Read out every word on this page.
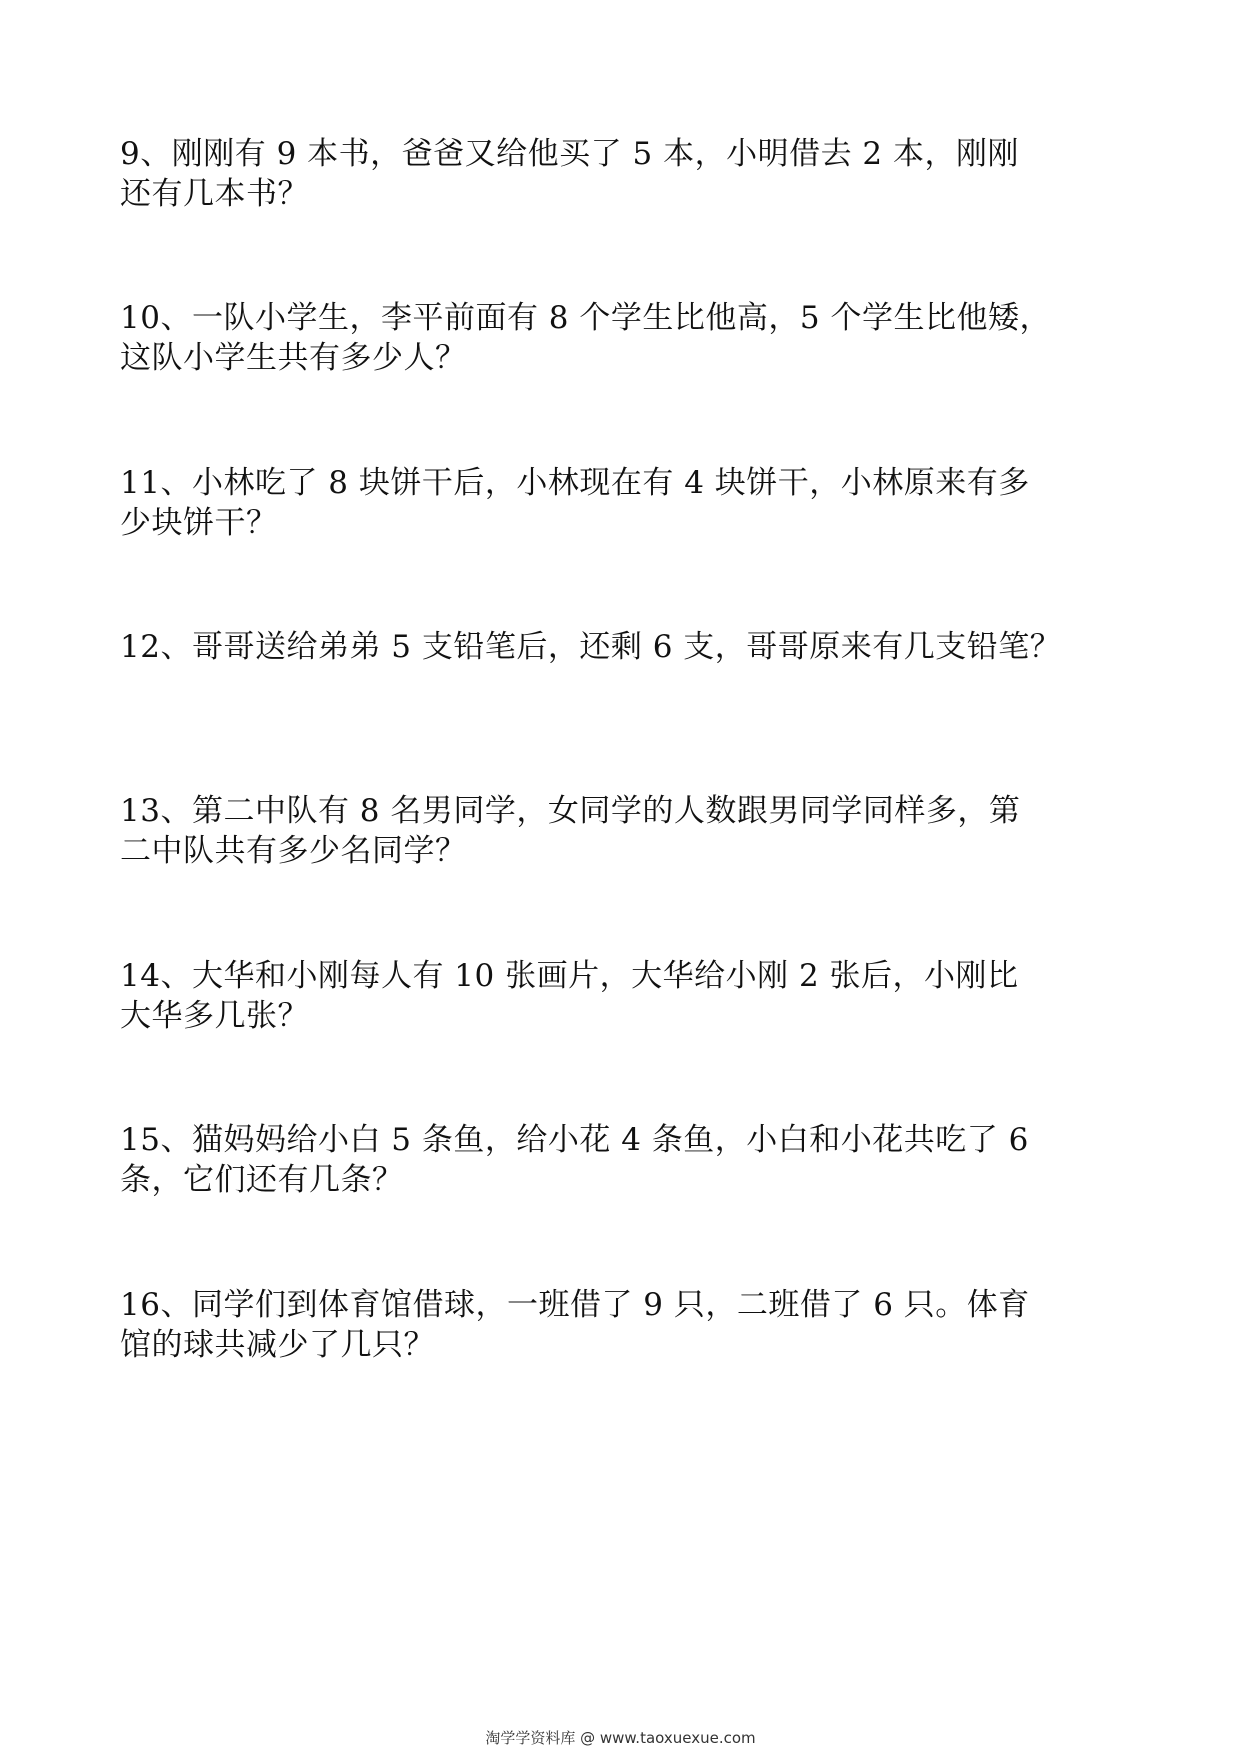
9、刚刚有 9 本书，爸爸又给他买了 5 本，小明借去 2 本，刚刚
还有几本书？
10、一队小学生，李平前面有 8 个学生比他高，5 个学生比他矮，
这队小学生共有多少人？
11、小林吃了 8 块饼干后，小林现在有 4 块饼干，小林原来有多
少块饼干？
12、哥哥送给弟弟 5 支铅笔后，还剩 6 支，哥哥原来有几支铅笔？
13、第二中队有 8 名男同学，女同学的人数跟男同学同样多，第
二中队共有多少名同学？
14、大华和小刚每人有 10 张画片，大华给小刚 2 张后，小刚比
大华多几张？
15、猫妈妈给小白 5 条鱼，给小花 4 条鱼，小白和小花共吃了 6
条，它们还有几条？
16、同学们到体育馆借球，一班借了 9 只，二班借了 6 只。体育
馆的球共减少了几只？
淘学学资料库 @ www.taoxuexue.com
